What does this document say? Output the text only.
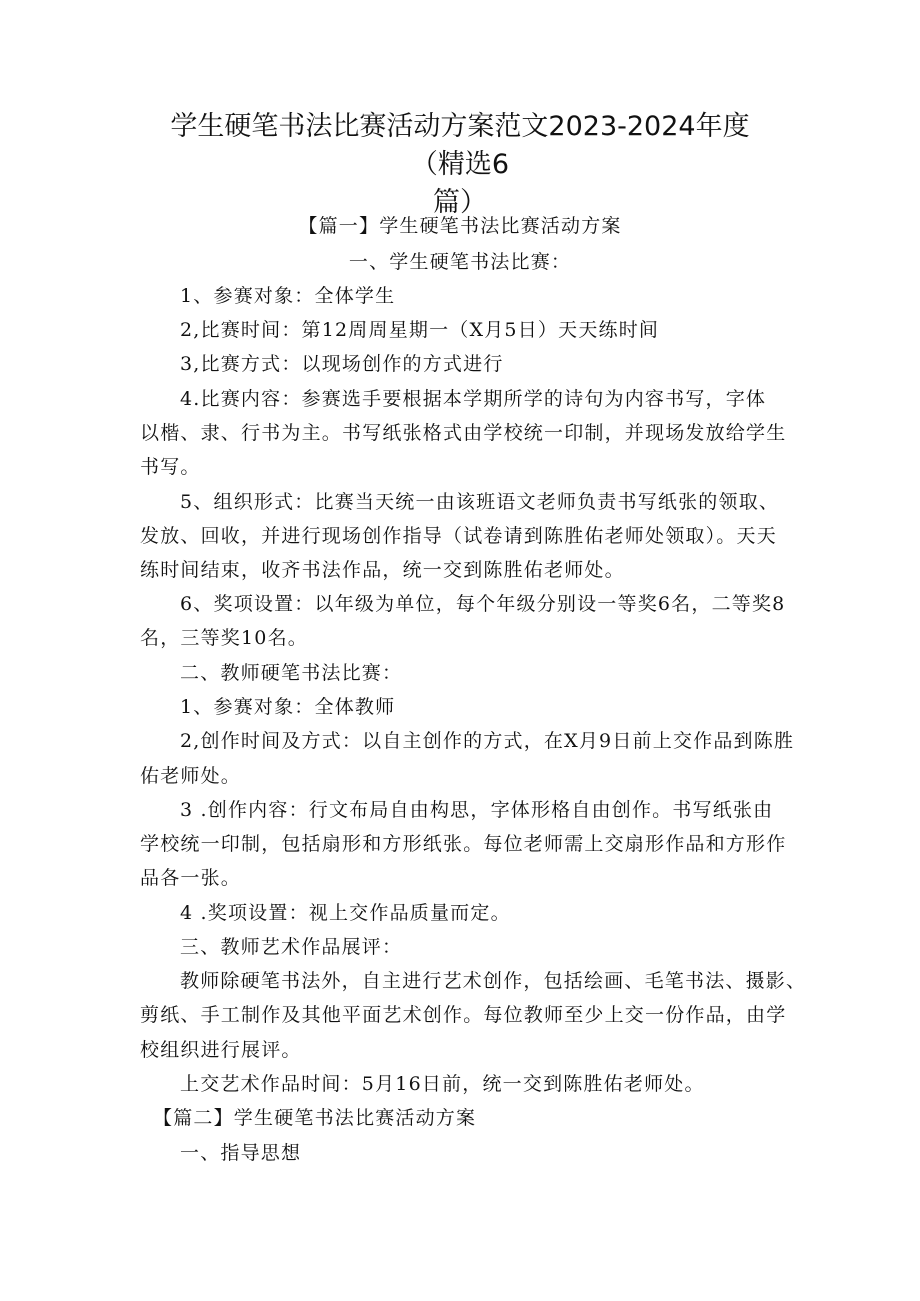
学生硬笔书法比赛活动方案范文2023-2024年度（精选6
篇）
【篇一】学生硬笔书法比赛活动方案
一、学生硬笔书法比赛：
1、参赛对象：全体学生
2,比赛时间：第12周周星期一（X月5日）天天练时间
3,比赛方式：以现场创作的方式进行
4.比赛内容：参赛选手要根据本学期所学的诗句为内容书写，字体
以楷、隶、行书为主。书写纸张格式由学校统一印制，并现场发放给学生
书写。
5、组织形式：比赛当天统一由该班语文老师负责书写纸张的领取、
发放、回收，并进行现场创作指导（试卷请到陈胜佑老师处领取）。天天
练时间结束，收齐书法作品，统一交到陈胜佑老师处。
6、奖项设置：以年级为单位，每个年级分别设一等奖6名，二等奖8
名，三等奖10名。
二、教师硬笔书法比赛：
1、参赛对象：全体教师
2,创作时间及方式：以自主创作的方式，在X月9日前上交作品到陈胜
佑老师处。
3 .创作内容：行文布局自由构思，字体形格自由创作。书写纸张由
学校统一印制，包括扇形和方形纸张。每位老师需上交扇形作品和方形作
品各一张。
4 .奖项设置：视上交作品质量而定。
三、教师艺术作品展评：
教师除硬笔书法外，自主进行艺术创作，包括绘画、毛笔书法、摄影、
剪纸、手工制作及其他平面艺术创作。每位教师至少上交一份作品，由学
校组织进行展评。
上交艺术作品时间：5月16日前，统一交到陈胜佑老师处。
【篇二】学生硬笔书法比赛活动方案
一、指导思想
